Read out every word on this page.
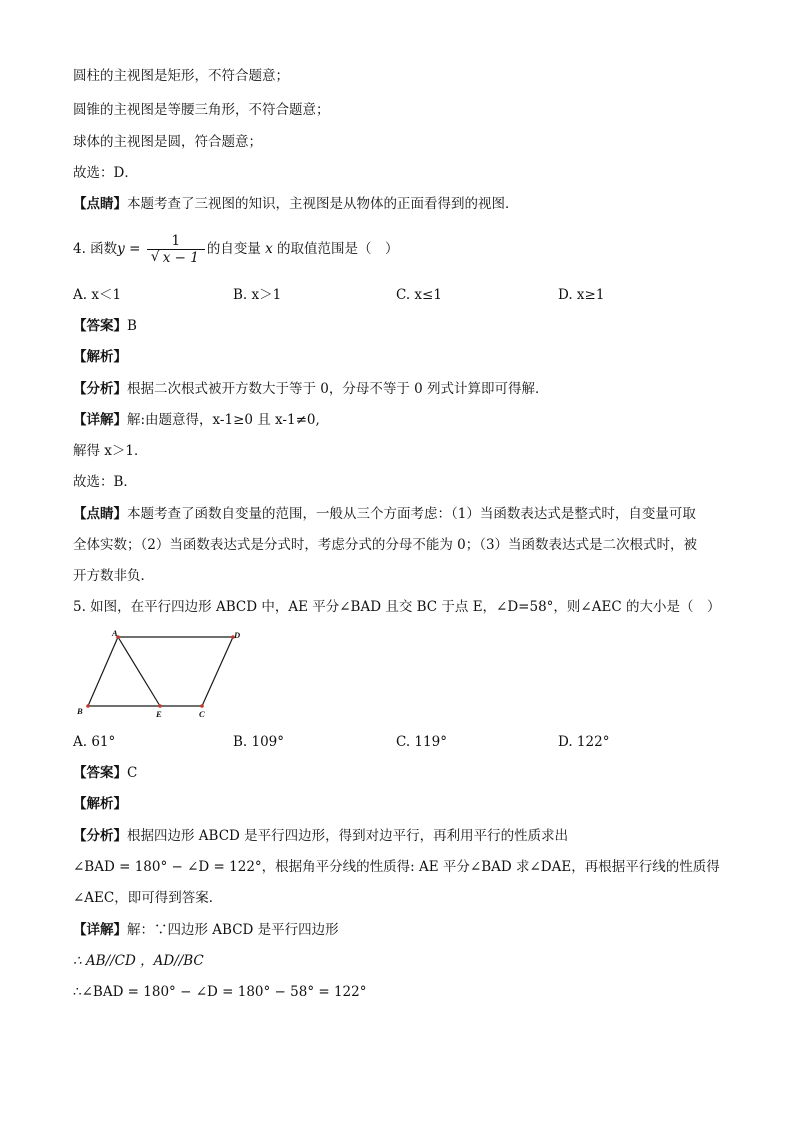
圆柱的主视图是矩形，不符合题意；
圆锥的主视图是等腰三角形，不符合题意；
球体的主视图是圆，符合题意；
故选：D．
【点睛】本题考查了三视图的知识，主视图是从物体的正面看得到的视图．
4. 函数$y = \frac{1}{√ x - 1}$ 的自变量 x 的取值范围是（　）
A. x＜1	B. x＞1	C. x≤1	D. x≥1
【答案】B
【解析】
【分析】根据二次根式被开方数大于等于 0，分母不等于 0 列式计算即可得解．
【详解】解:由题意得，x-1≥0 且 x-1≠0,
解得 x＞1．
故选：B．
【点睛】本题考查了函数自变量的范围，一般从三个方面考虑：（1）当函数表达式是整式时，自变量可取
全体实数；（2）当函数表达式是分式时，考虑分式的分母不能为 0；（3）当函数表达式是二次根式时，被
开方数非负．
5. 如图，在平行四边形 ABCD 中，AE 平分∠BAD 且交 BC 于点 E，∠D=58°，则∠AEC 的大小是（　）
A
B	C
D
E
A. 61°	B. 109°	C. 119°	D. 122°
【答案】C
【解析】
【分析】根据四边形 ABCD 是平行四边形，得到对边平行，再利用平行的性质求出
∠BAD = 180° − ∠D = 122°，根据角平分线的性质得: AE 平分∠BAD 求∠DAE，再根据平行线的性质得
∠AEC，即可得到答案．
【详解】解：∵四边形 ABCD 是平行四边形
∴ AB//CD ，AD//BC
∴∠BAD = 180° − ∠D = 180° − 58° = 122°
